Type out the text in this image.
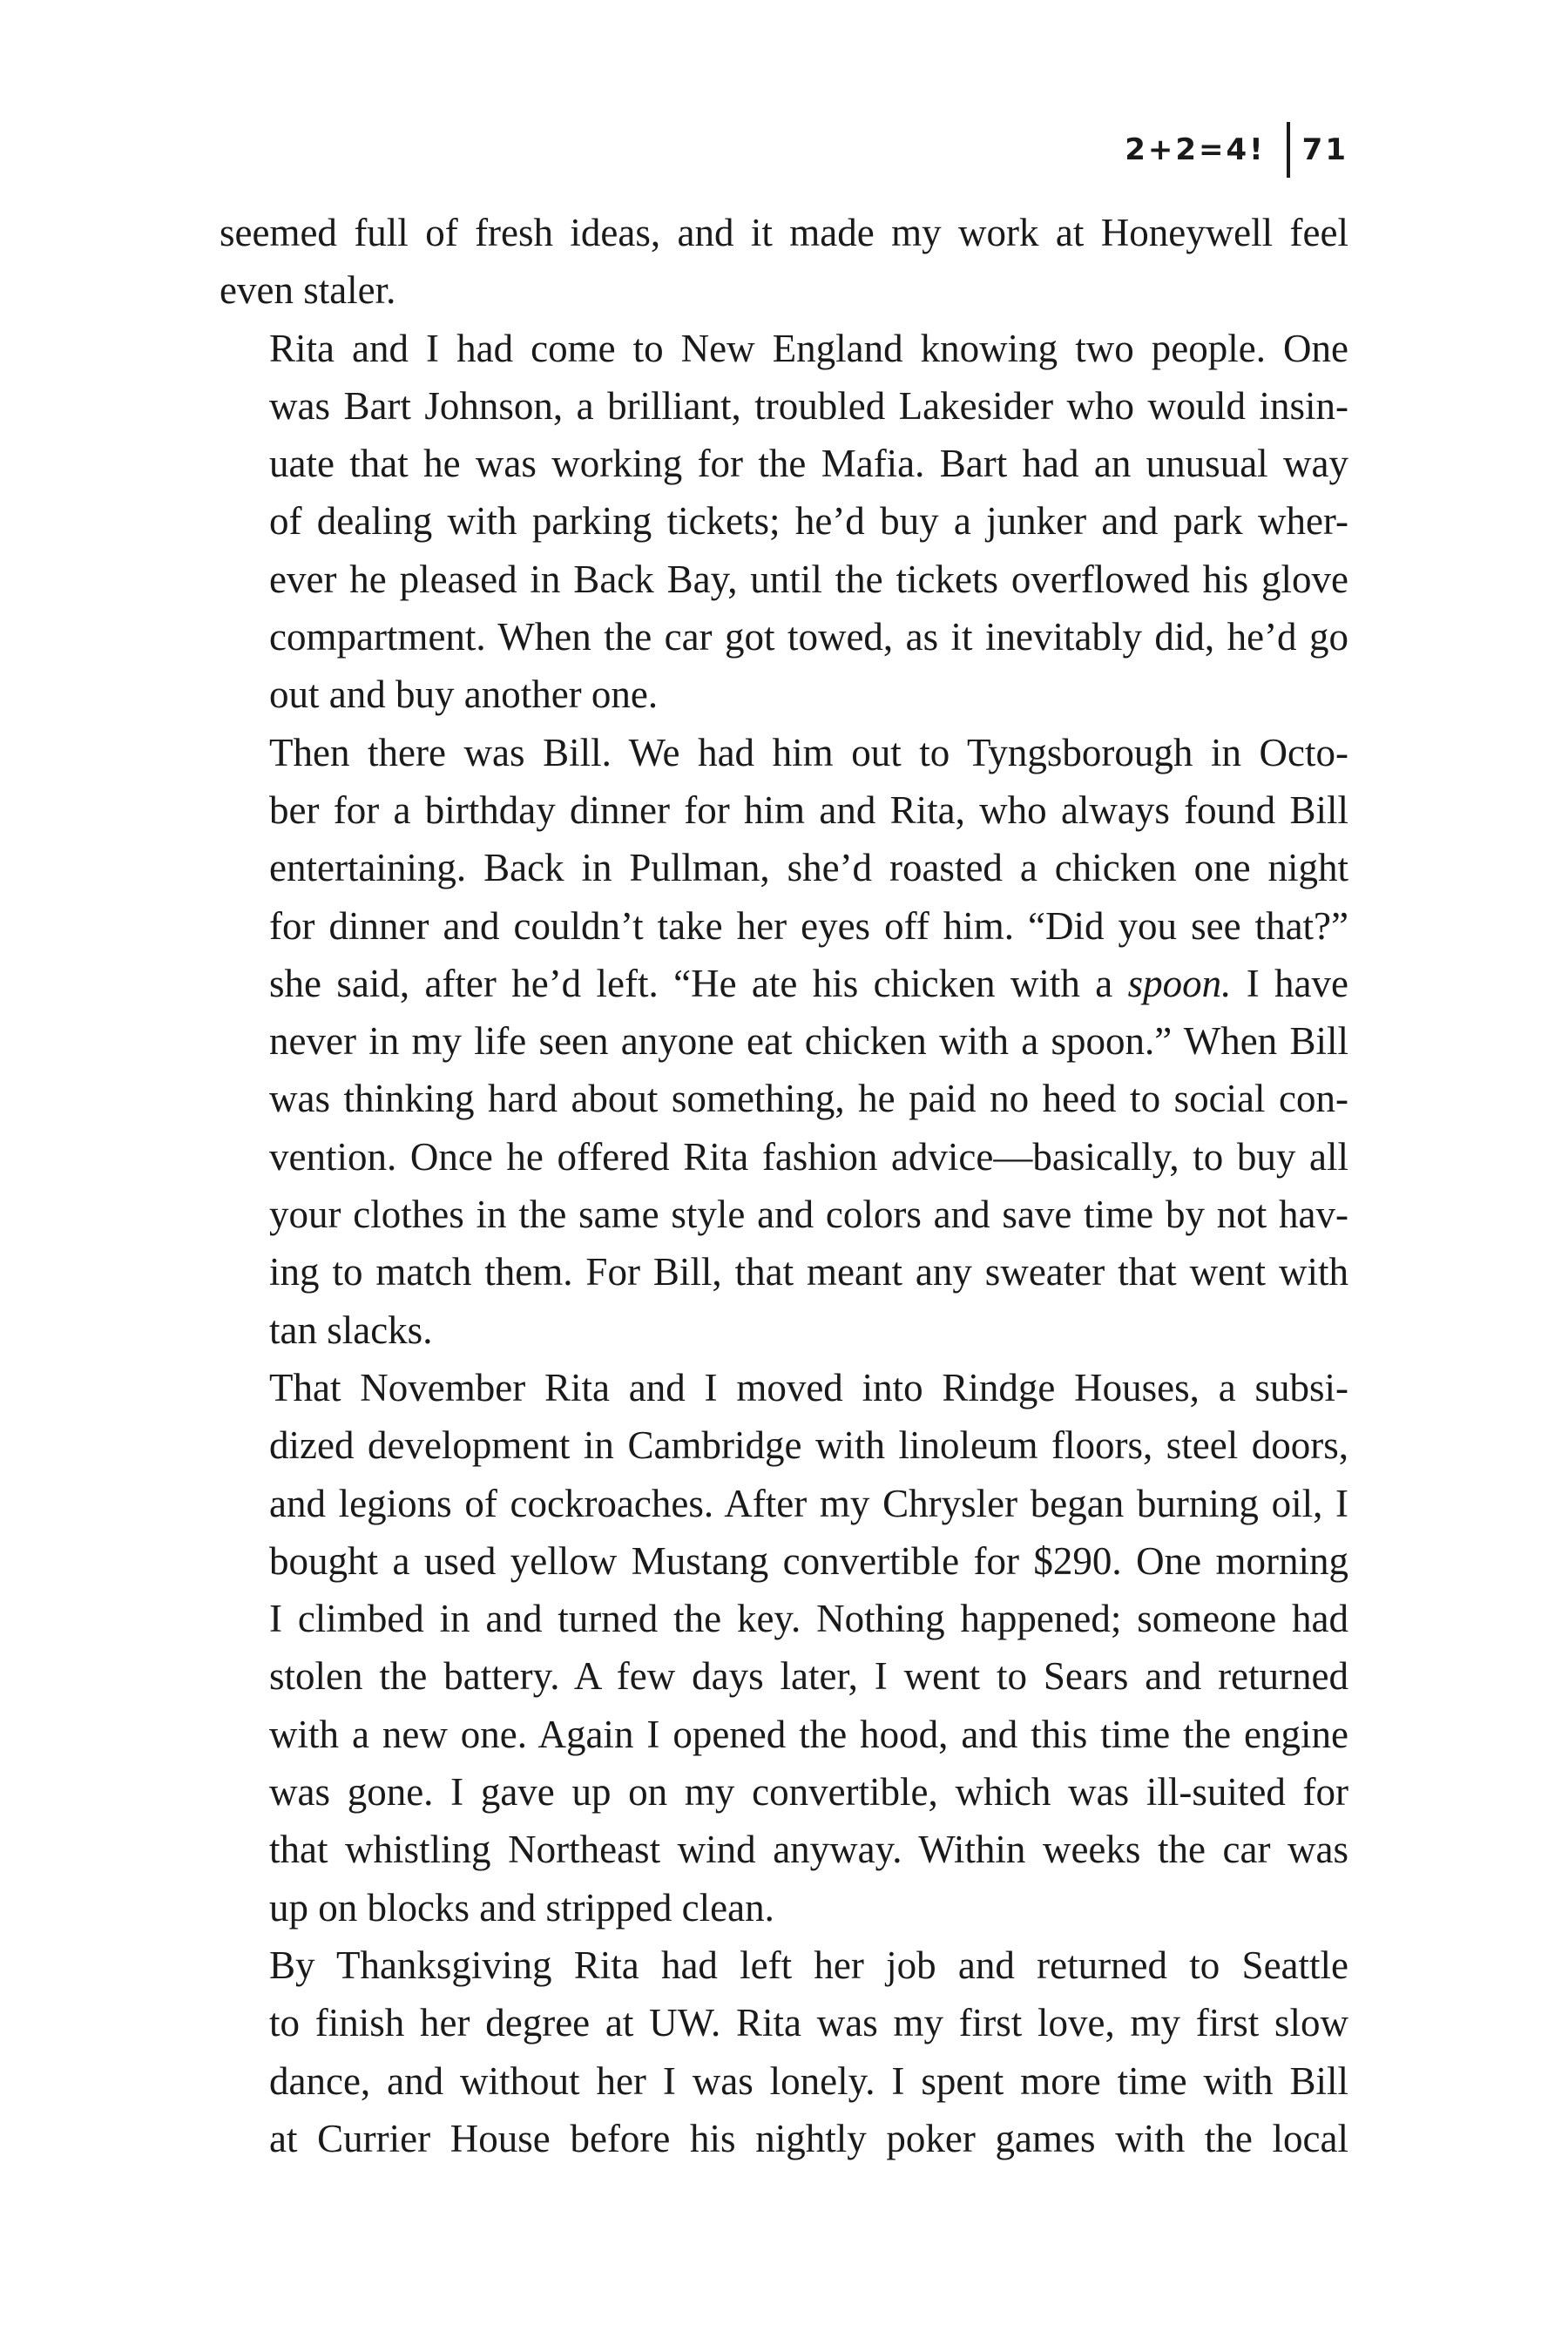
2+2=4! 71

seemed full of fresh ideas, and it made my work at Honeywell feel
even staler.

Rita and I had come to New England knowing two people. One
was Bart Johnson, a brilliant, troubled Lakesider who would insin-
uate that he was working for the Mafia. Bart had an unusual way
of dealing with parking tickets; he’d buy a junker and park wher-
ever he pleased in Back Bay, until the tickets overflowed his glove
compartment. When the car got towed, as it inevitably did, he’d go
out and buy another one.

Then there was Bill. We had him out to Tyngsborough in Octo-
ber for a birthday dinner for him and Rita, who always found Bill
entertaining. Back in Pullman, she’d roasted a chicken one night
for dinner and couldn’t take her eyes off him. “Did you see that?”
she said, after he’d left. “He ate his chicken with a spoon. I have
never in my life seen anyone eat chicken with a spoon.” When Bill
was thinking hard about something, he paid no heed to social con-
vention. Once he offered Rita fashion advice—basically, to buy all
your clothes in the same style and colors and save time by not hav-
ing to match them. For Bill, that meant any sweater that went with
tan slacks.

That November Rita and I moved into Rindge Houses, a subsi-
dized development in Cambridge with linoleum floors, steel doors,
and legions of cockroaches. After my Chrysler began burning oil, I
bought a used yellow Mustang convertible for $290. One morning
I climbed in and turned the key. Nothing happened; someone had
stolen the battery. A few days later, I went to Sears and returned
with a new one. Again I opened the hood, and this time the engine
was gone. I gave up on my convertible, which was ill-suited for
that whistling Northeast wind anyway. Within weeks the car was
up on blocks and stripped clean.

By Thanksgiving Rita had left her job and returned to Seattle
to finish her degree at UW. Rita was my first love, my first slow
dance, and without her I was lonely. I spent more time with Bill
at Currier House before his nightly poker games with the local
